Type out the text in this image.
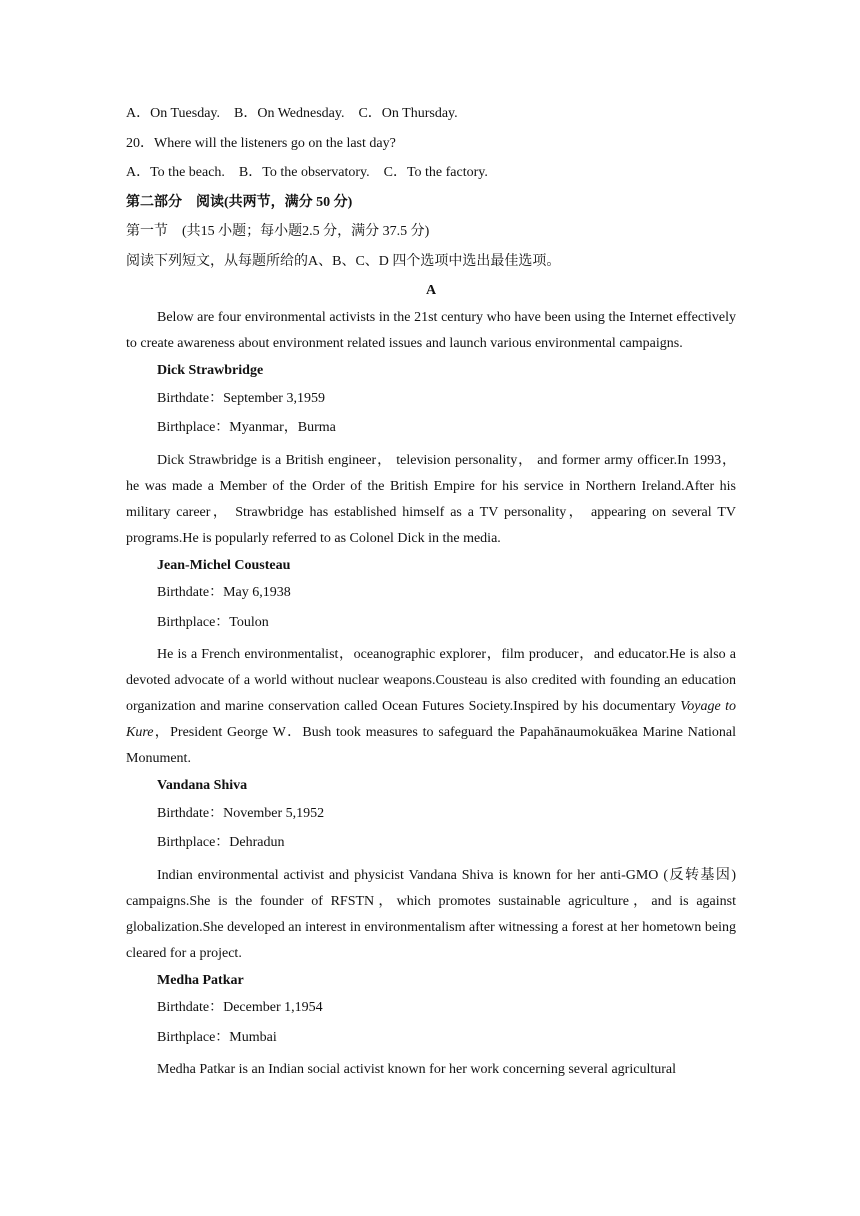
A．On Tuesday.　B．On Wednesday.　C．On Thursday.

20．Where will the listeners go on the last day?

A．To the beach.　B．To the observatory.　C．To the factory.

第二部分　阅读(共两节，满分 50 分)

第一节　(共15 小题；每小题2.5 分，满分 37.5 分)

阅读下列短文，从每题所给的A、B、C、D 四个选项中选出最佳选项。

A

Below are four environmental activists in the 21st century who have been using the Internet effectively to create awareness about environment related issues and launch various environmental campaigns.

Dick Strawbridge

Birthdate：September 3,1959

Birthplace：Myanmar，Burma

Dick Strawbridge is a British engineer， television personality， and former army officer.In 1993， he was made a Member of the Order of the British Empire for his service in Northern Ireland.After his military career， Strawbridge has established himself as a TV personality， appearing on several TV programs.He is popularly referred to as Colonel Dick in the media.

Jean-Michel Cousteau

Birthdate：May 6,1938

Birthplace：Toulon

He is a French environmentalist，oceanographic explorer，film producer，and educator.He is also a devoted advocate of a world without nuclear weapons.Cousteau is also credited with founding an education organization and marine conservation called Ocean Futures Society.Inspired by his documentary Voyage to Kure，President George W．Bush took measures to safeguard the Papahānaumokuākea Marine National Monument.

Vandana Shiva

Birthdate：November 5,1952

Birthplace：Dehradun

Indian environmental activist and physicist Vandana Shiva is known for her anti-GMO (反转基因) campaigns.She is the founder of RFSTN，which promotes sustainable agriculture，and is against globalization.She developed an interest in environmentalism after witnessing a forest at her hometown being cleared for a project.

Medha Patkar

Birthdate：December 1,1954

Birthplace：Mumbai

Medha Patkar is an Indian social activist known for her work concerning several agricultural
